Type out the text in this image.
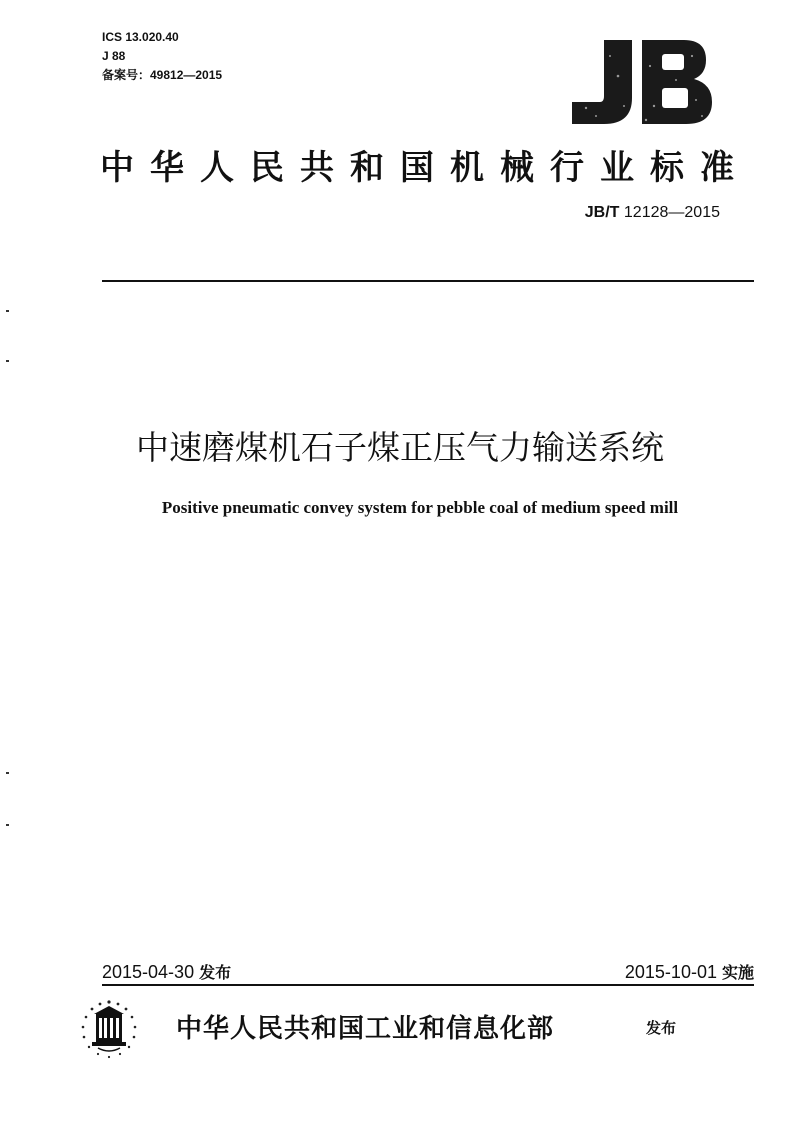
ICS 13.020.40
J 88
备案号：49812—2015
中华人民共和国机械行业标准
JB/T 12128—2015
中速磨煤机石子煤正压气力输送系统
Positive pneumatic convey system for pebble coal of medium speed mill
2015-04-30 发布	2015-10-01 实施
中华人民共和国工业和信息化部	发布
